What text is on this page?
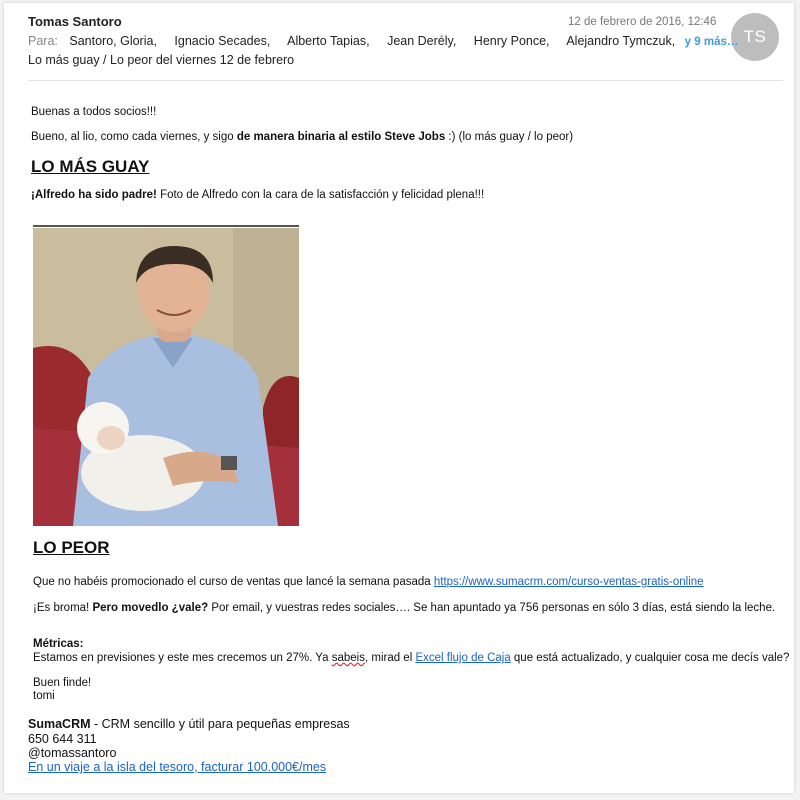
Tomas Santoro	12 de febrero de 2016, 12:46
TS
Para: Santoro, Gloria, Ignacio Secades, Alberto Tapias, Jean Derély, Henry Ponce, Alejandro Tymczuk, y 9 más…
Lo más guay / Lo peor del viernes 12 de febrero
Buenas a todos socios!!!
Bueno, al lio, como cada viernes, y sigo de manera binaria al estilo Steve Jobs :) (lo más guay / lo peor)
LO MÁS GUAY
¡Alfredo ha sido padre! Foto de Alfredo con la cara de la satisfacción y felicidad plena!!!
LO PEOR
Que no habéis promocionado el curso de ventas que lancé la semana pasada https://www.sumacrm.com/curso-ventas-gratis-online
¡Es broma! Pero movedlo ¿vale? Por email, y vuestras redes sociales…. Se han apuntado ya 756 personas en sólo 3 días, está siendo la leche.
Métricas:
Estamos en previsiones y este mes crecemos un 27%. Ya sabeis, mirad el Excel flujo de Caja que está actualizado, y cualquier cosa me decís vale?
Buen finde!
tomi
SumaCRM - CRM sencillo y útil para pequeñas empresas
650 644 311
@tomassantoro
En un viaje a la isla del tesoro, facturar 100.000€/mes
